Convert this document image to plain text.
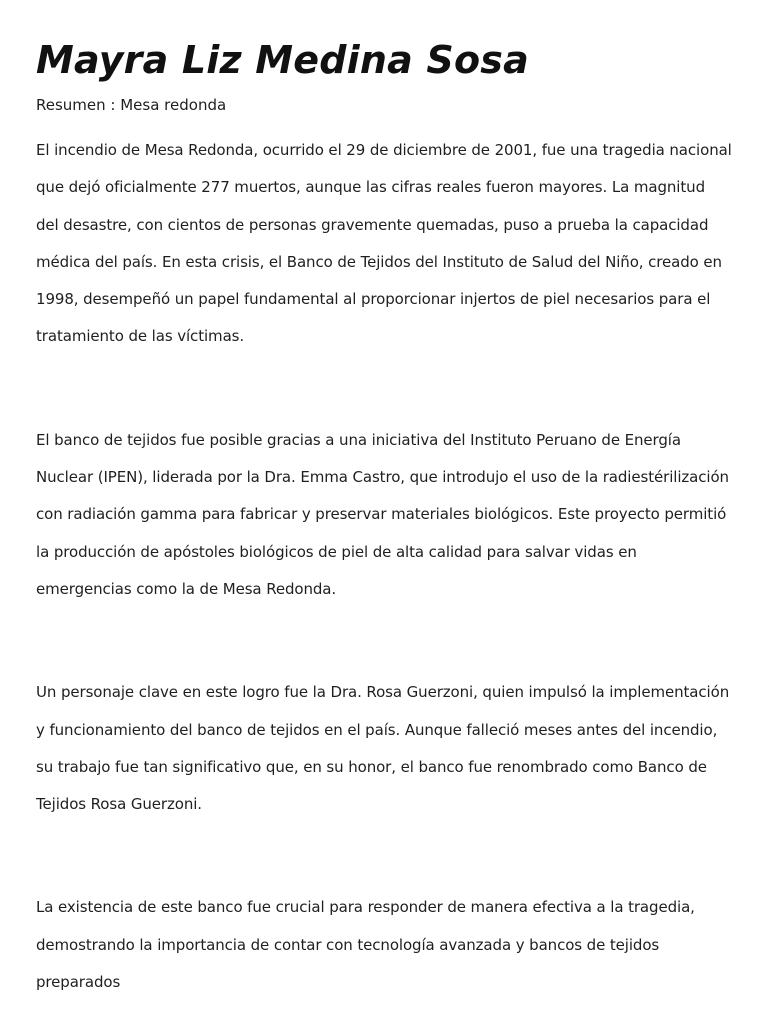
Mayra Liz Medina Sosa

Resumen : Mesa redonda

El incendio de Mesa Redonda, ocurrido el 29 de diciembre de 2001, fue una tragedia nacional que dejó oficialmente 277 muertos, aunque las cifras reales fueron mayores. La magnitud del desastre, con cientos de personas gravemente quemadas, puso a prueba la capacidad médica del país. En esta crisis, el Banco de Tejidos del Instituto de Salud del Niño, creado en 1998, desempeñó un papel fundamental al proporcionar injertos de piel necesarios para el tratamiento de las víctimas.

El banco de tejidos fue posible gracias a una iniciativa del Instituto Peruano de Energía Nuclear (IPEN), liderada por la Dra. Emma Castro, que introdujo el uso de la radiestérilización con radiación gamma para fabricar y preservar materiales biológicos. Este proyecto permitió la producción de apóstoles biológicos de piel de alta calidad para salvar vidas en emergencias como la de Mesa Redonda.

Un personaje clave en este logro fue la Dra. Rosa Guerzoni, quien impulsó la implementación y funcionamiento del banco de tejidos en el país. Aunque falleció meses antes del incendio, su trabajo fue tan significativo que, en su honor, el banco fue renombrado como Banco de Tejidos Rosa Guerzoni.

La existencia de este banco fue crucial para responder de manera efectiva a la tragedia, demostrando la importancia de contar con tecnología avanzada y bancos de tejidos preparados
